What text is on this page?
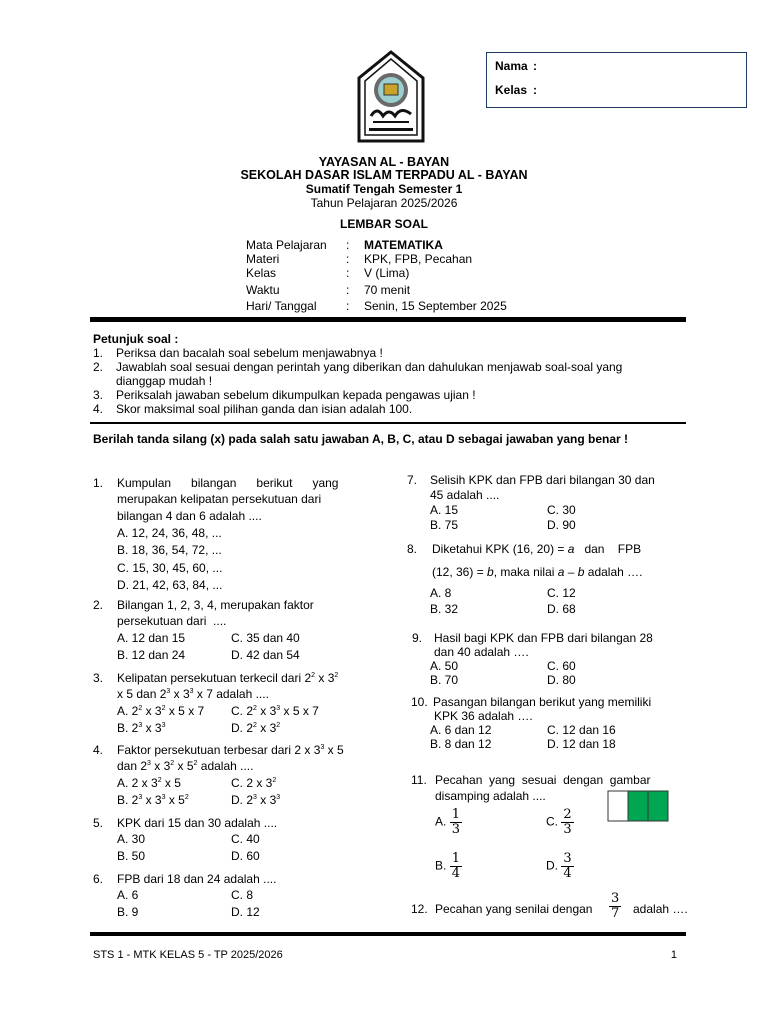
Nama :
Kelas :
YAYASAN AL - BAYAN
SEKOLAH DASAR ISLAM TERPADU AL - BAYAN
Sumatif Tengah Semester 1
Tahun Pelajaran 2025/2026
LEMBAR SOAL
Mata Pelajaran : MATEMATIKA
Materi	: KPK, FPB, Pecahan
Kelas	: V (Lima)
Waktu	: 70 menit
Hari/ Tanggal : Senin, 15 September 2025
Petunjuk soal :
1. Periksa dan bacalah soal sebelum menjawabnya !
2. Jawablah soal sesuai dengan perintah yang diberikan dan dahulukan menjawab soal-soal yang
dianggap mudah !
3. Periksalah jawaban sebelum dikumpulkan kepada pengawas ujian !
4. Skor maksimal soal pilihan ganda dan isian adalah 100.
Berilah tanda silang (x) pada salah satu jawaban A, B, C, atau D sebagai jawaban yang benar !
1. Kumpulan      bilangan      berikut      yang
merupakan kelipatan persekutuan dari
bilangan 4 dan 6 adalah ....
A. 12, 24, 36, 48, ...
B. 18, 36, 54, 72, ...
C. 15, 30, 45, 60, ...
D. 21, 42, 63, 84, ...
2. Bilangan 1, 2, 3, 4, merupakan faktor
persekutuan dari  ....
A. 12 dan 15	C. 35 dan 40
B. 12 dan 24	D. 42 dan 54
3. Kelipatan persekutuan terkecil dari $2^2$ x $3^2$
x 5 dan $2^3$ x $3^3$ x 7 adalah ....
A. $2^2$ x $3^2$ x 5 x 7 C. $2^2$ x $3^3$ x 5 x 7
B. $2^3$ x $3^3$	D. $2^2$ x $3^2$
4. Faktor persekutuan terbesar dari 2 x $3^3$ x 5
dan $2^3$ x $3^2$ x $5^2$ adalah ....
A. 2 x $3^2$ x 5	C. 2 x $3^2$
B. $2^3$ x $3^3$ x $5^2$	D. $2^3$ x $3^3$
5. KPK dari 15 dan 30 adalah ....
A. 30	C. 40
B. 50	D. 60
6. FPB dari 18 dan 24 adalah ....
A. 6	C. 8
B. 9	D. 12
7. Selisih KPK dan FPB dari bilangan 30 dan
45 adalah ....
A. 15	C. 30
B. 75	D. 90
8. Diketahui KPK (16, 20) = a   dan    FPB
(12, 36) = b, maka nilai a – b adalah ….
A. 8	C. 12
B. 32	D. 68
9. Hasil bagi KPK dan FPB dari bilangan 28
dan 40 adalah ….
A. 50	C. 60
B. 70	D. 80
10. Pasangan bilangan berikut yang memiliki
KPK 36 adalah ….
A. 6 dan 12	C. 12 dan 16
B. 8 dan 12	D. 12 dan 18
11. Pecahan  yang  sesuai  dengan  gambar
disamping adalah ....
A. $\frac{1}{3}$	C. $\frac{2}{3}$
B. $\frac{1}{4}$	D. $\frac{3}{4}$
12. Pecahan yang senilai dengan $\frac{3}{7}$ adalah ….
STS 1 - MTK KELAS 5 - TP 2025/2026	1
